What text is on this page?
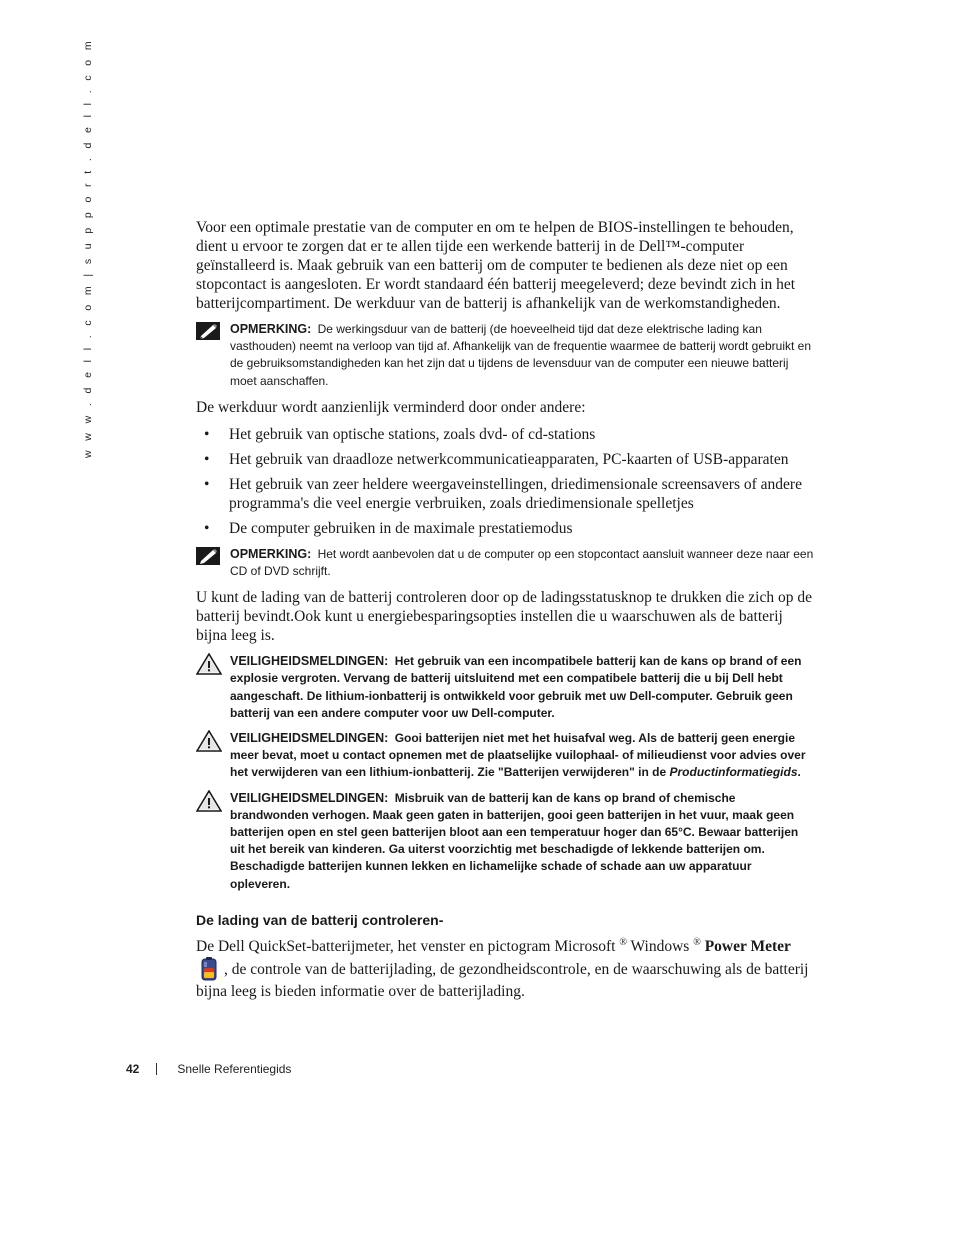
w w w . d e l l . c o m | s u p p o r t . d e l l . c o m	Voor een optimale prestatie van de computer en om te helpen de BIOS-instellingen te behouden, dient u ervoor te zorgen dat er te allen tijde een werkende batterij in de Dell™-computer geïnstalleerd is. Maak gebruik van een batterij om de computer te bedienen als deze niet op een stopcontact is aangesloten. Er wordt standaard één batterij meegeleverd; deze bevindt zich in het batterijcompartiment. De werkduur van de batterij is afhankelijk van de werkomstandigheden.

OPMERKING: De werkingsduur van de batterij (de hoeveelheid tijd dat deze elektrische lading kan vasthouden) neemt na verloop van tijd af. Afhankelijk van de frequentie waarmee de batterij wordt gebruikt en de gebruiksomstandigheden kan het zijn dat u tijdens de levensduur van de computer een nieuwe batterij moet aanschaffen.

De werkduur wordt aanzienlijk verminderd door onder andere:

• Het gebruik van optische stations, zoals dvd- of cd-stations
• Het gebruik van draadloze netwerkcommunicatieapparaten, PC-kaarten of USB-apparaten
• Het gebruik van zeer heldere weergaveinstellingen, driedimensionale screensavers of andere programma's die veel energie verbruiken, zoals driedimensionale spelletjes
• De computer gebruiken in de maximale prestatiemodus
OPMERKING: Het wordt aanbevolen dat u de computer op een stopcontact aansluit wanneer deze naar een CD of DVD schrijft.

U kunt de lading van de batterij controleren door op de ladingsstatusknop te drukken die zich op de batterij bevindt.Ook kunt u energiebesparingsopties instellen die u waarschuwen als de batterij bijna leeg is.

VEILIGHEIDSMELDINGEN: Het gebruik van een incompatibele batterij kan de kans op brand of een explosie vergroten. Vervang de batterij uitsluitend met een compatibele batterij die u bij Dell hebt aangeschaft. De lithium-ionbatterij is ontwikkeld voor gebruik met uw Dell-computer. Gebruik geen batterij van een andere computer voor uw Dell-computer.
VEILIGHEIDSMELDINGEN: Gooi batterijen niet met het huisafval weg. Als de batterij geen energie meer bevat, moet u contact opnemen met de plaatselijke vuilophaal- of milieudienst voor advies over het verwijderen van een lithium-ionbatterij. Zie "Batterijen verwijderen" in de Productinformatiegids.
VEILIGHEIDSMELDINGEN: Misbruik van de batterij kan de kans op brand of chemische brandwonden verhogen. Maak geen gaten in batterijen, gooi geen batterijen in het vuur, maak geen batterijen open en stel geen batterijen bloot aan een temperatuur hoger dan 65°C. Bewaar batterijen uit het bereik van kinderen. Ga uiterst voorzichtig met beschadigde of lekkende batterijen om. Beschadigde batterijen kunnen lekken en lichamelijke schade of schade aan uw apparatuur opleveren.
De lading van de batterij controleren-

De Dell QuickSet-batterijmeter, het venster en pictogram Microsoft ® Windows ® Power Meter
, de controle van de batterijlading, de gezondheidscontrole, en de waarschuwing als de batterij bijna leeg is bieden informatie over de batterijlading.

42	Snelle Referentiegids
